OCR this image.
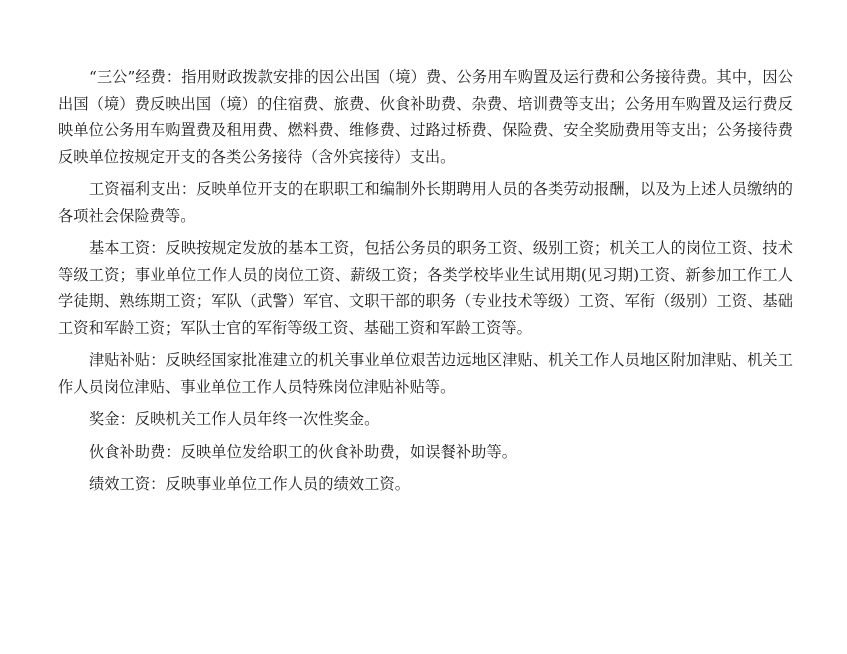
“三公”经费：指用财政拨款安排的因公出国（境）费、公务用车购置及运行费和公务接待费。其中，因公出国（境）费反映出国（境）的住宿费、旅费、伙食补助费、杂费、培训费等支出；公务用车购置及运行费反映单位公务用车购置费及租用费、燃料费、维修费、过路过桥费、保险费、安全奖励费用等支出；公务接待费反映单位按规定开支的各类公务接待（含外宾接待）支出。

工资福利支出：反映单位开支的在职职工和编制外长期聘用人员的各类劳动报酬，以及为上述人员缴纳的各项社会保险费等。

基本工资：反映按规定发放的基本工资，包括公务员的职务工资、级别工资；机关工人的岗位工资、技术等级工资；事业单位工作人员的岗位工资、薪级工资；各类学校毕业生试用期(见习期)工资、新参加工作工人学徒期、熟练期工资；军队（武警）军官、文职干部的职务（专业技术等级）工资、军衔（级别）工资、基础工资和军龄工资；军队士官的军衔等级工资、基础工资和军龄工资等。

津贴补贴：反映经国家批准建立的机关事业单位艰苦边远地区津贴、机关工作人员地区附加津贴、机关工作人员岗位津贴、事业单位工作人员特殊岗位津贴补贴等。

奖金：反映机关工作人员年终一次性奖金。

伙食补助费：反映单位发给职工的伙食补助费，如误餐补助等。

绩效工资：反映事业单位工作人员的绩效工资。
